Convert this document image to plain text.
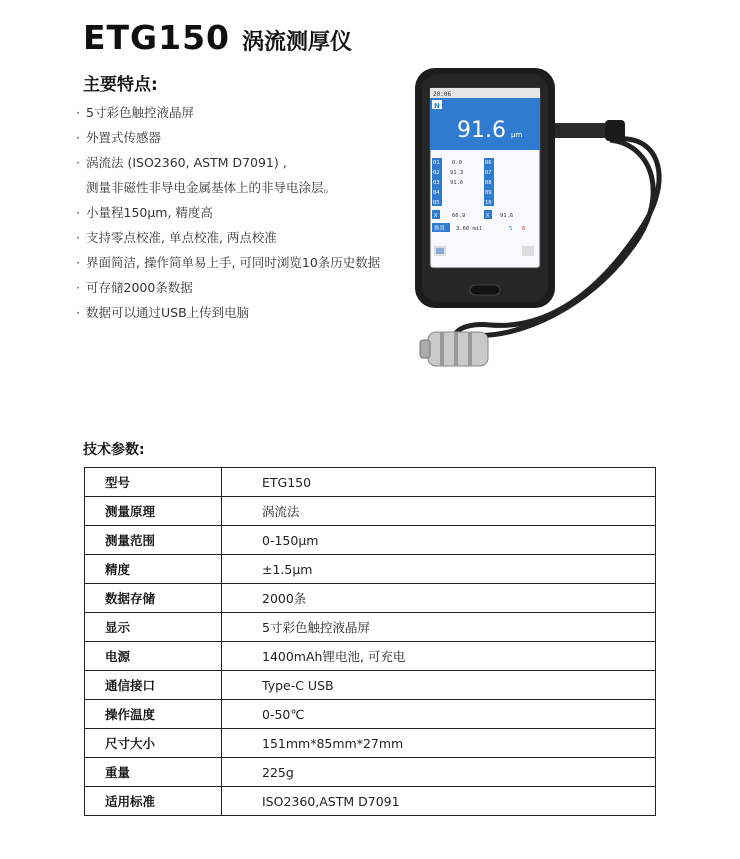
ETG150 涡流测厚仪
主要特点:
· 5寸彩色触控液晶屏
· 外置式传感器
· 涡流法 (ISO2360, ASTM D7091) ,
测量非磁性非导电金属基体上的非导电涂层。
· 小量程150μm, 精度高
· 支持零点校准, 单点校准, 两点校准
· 界面简洁, 操作简单易上手, 可同时浏览10条历史数据
· 可存储2000条数据
· 数据可以通过USB上传到电脑
20:06
N
91.6 μm
01
02
03
04
05
0.0
91.3
91.6
06
07
08
09
10
X	60.9	X 91.6
换算 3.60 mil	5 6
技术参数:
型号	ETG150
测量原理	涡流法
测量范围	0-150μm
精度	±1.5μm
数据存储	2000条
显示	5寸彩色触控液晶屏
电源	1400mAh锂电池, 可充电
通信接口	Type-C USB
操作温度	0-50℃
尺寸大小	151mm*85mm*27mm
重量	225g
适用标准	ISO2360,ASTM D7091
